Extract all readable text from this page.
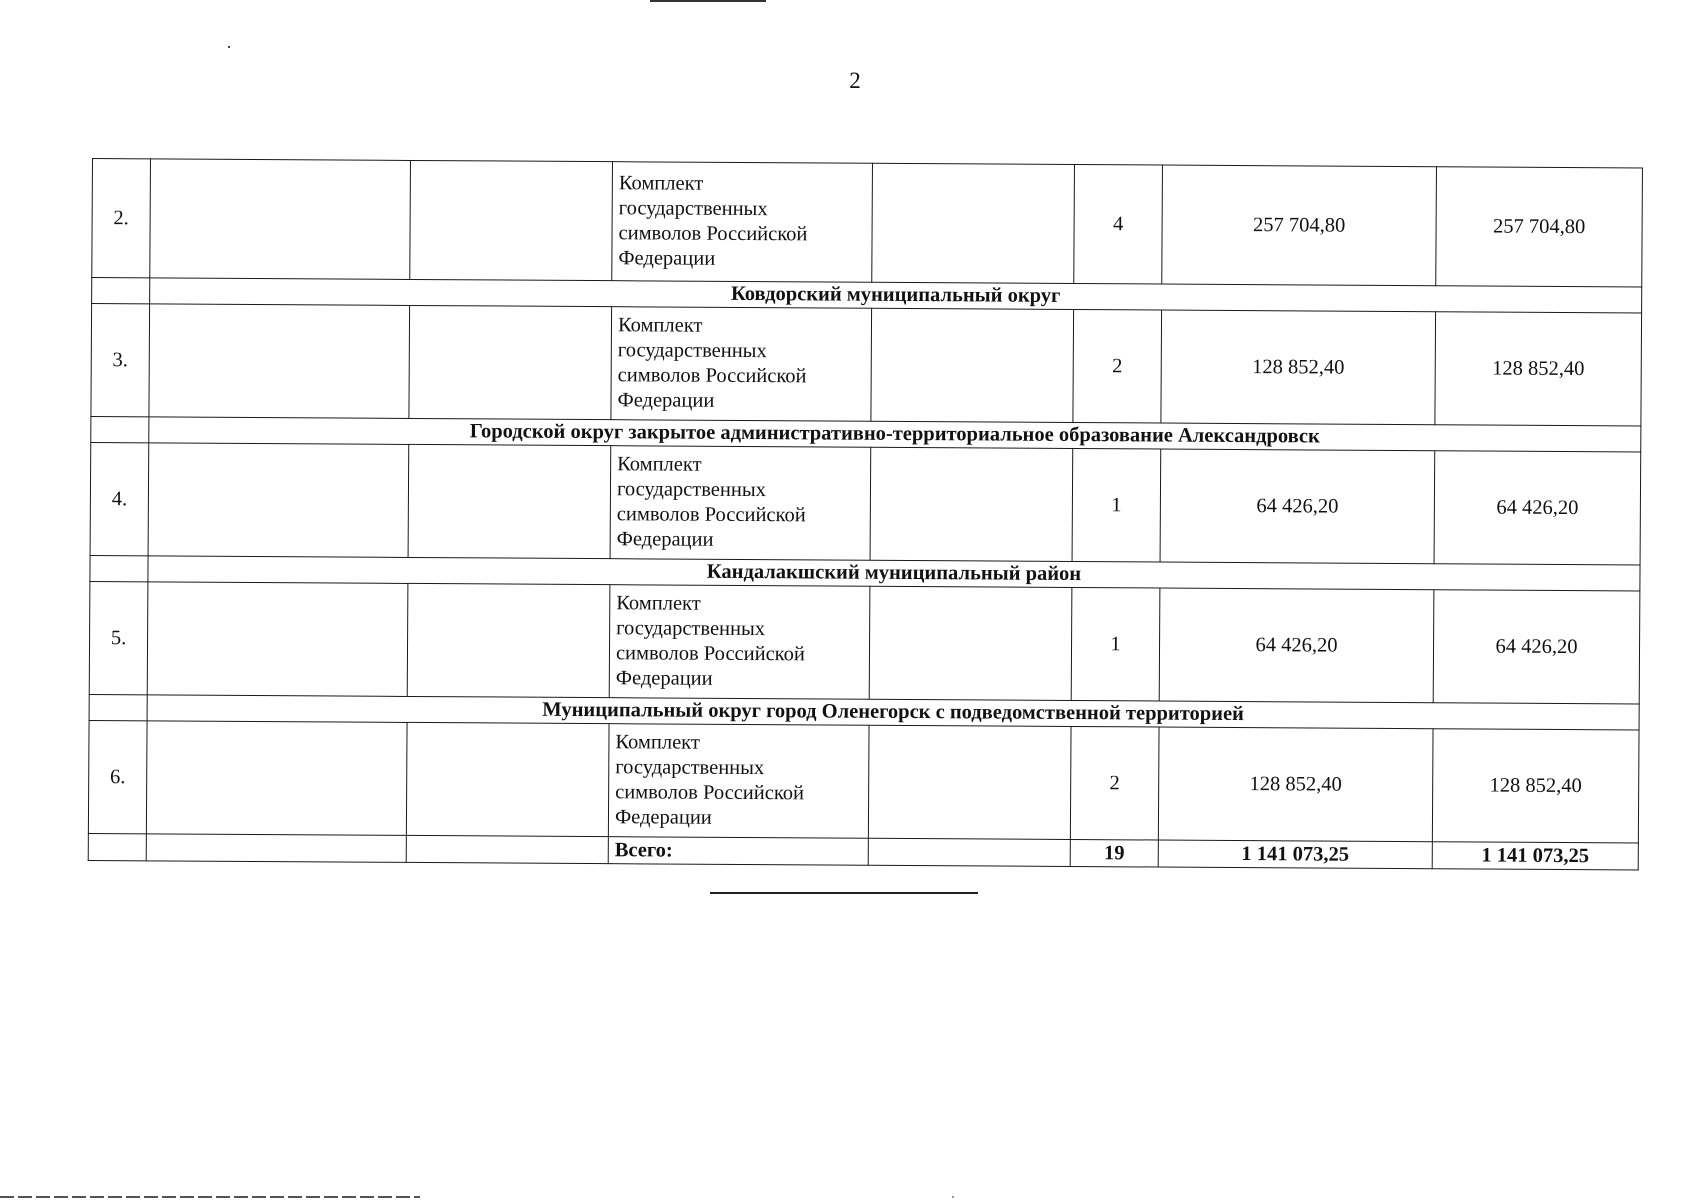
2
2.			Комплект
государственных
символов Российской
Федерации		4	257 704,80	257 704,80
	Ковдорский муниципальный округ						
3.			Комплект
государственных
символов Российской
Федерации		2	128 852,40	128 852,40
	Городской округ закрытое административно-территориальное образование Александровск						
4.			Комплект
государственных
символов Российской
Федерации		1	64 426,20	64 426,20
	Кандалакшский муниципальный район						
5.			Комплект
государственных
символов Российской
Федерации		1	64 426,20	64 426,20
	Муниципальный округ город Оленегорск с подведомственной территорией						
6.			Комплект
государственных
символов Российской
Федерации		2	128 852,40	128 852,40
			Всего:		19	1 141 073,25	1 141 073,25
